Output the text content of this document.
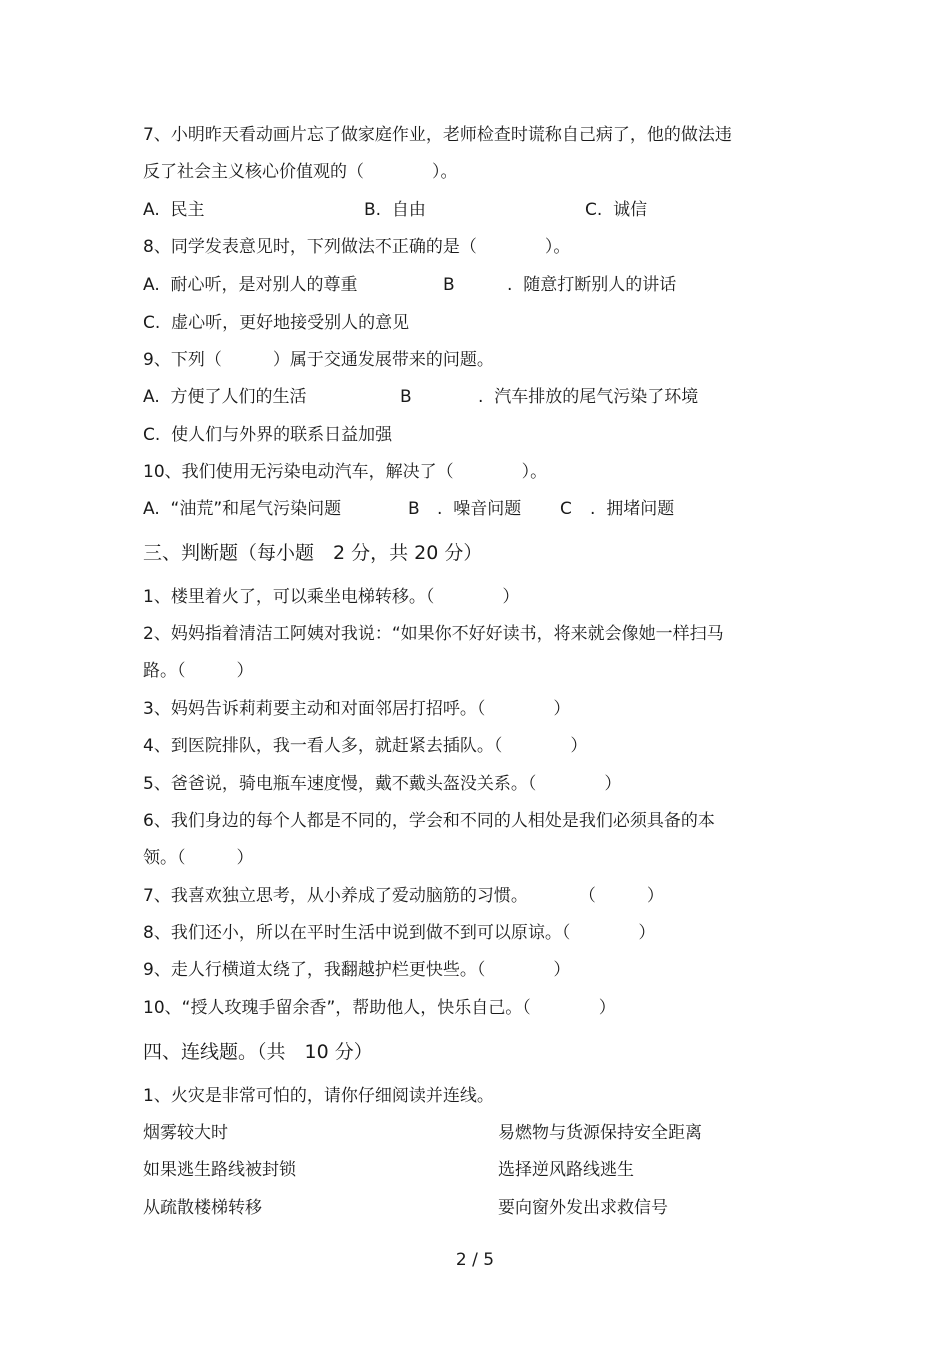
7、小明昨天看动画片忘了做家庭作业，老师检查时谎称自己病了，他的做法违
反了社会主义核心价值观的（　　　　）。
A.  民主	B.  自由	C.  诚信
8、同学发表意见时，下列做法不正确的是（　　　　）。
A.  耐心听，是对别人的尊重	B	.  随意打断别人的讲话
C.  虚心听，更好地接受别人的意见
9、下列（　　　）属于交通发展带来的问题。
A.  方便了人们的生活	B	.  汽车排放的尾气污染了环境
C.  使人们与外界的联系日益加强
10、我们使用无污染电动汽车，解决了（　　　　）。
A.  “油荒”和尾气污染问题	B .  噪音问题 C .  拥堵问题
三、判断题（每小题　2 分，共 20 分）
1、楼里着火了，可以乘坐电梯转移。（　　　　）
2、妈妈指着清洁工阿姨对我说：“如果你不好好读书，将来就会像她一样扫马
路。（　　　）
3、妈妈告诉莉莉要主动和对面邻居打招呼。（　　　　）
4、到医院排队，我一看人多，就赶紧去插队。（　　　　）
5、爸爸说，骑电瓶车速度慢，戴不戴头盔没关系。（　　　　）
6、我们身边的每个人都是不同的，学会和不同的人相处是我们必须具备的本
领。（　　　）
7、我喜欢独立思考，从小养成了爱动脑筋的习惯。　　　　（　　　）
8、我们还小，所以在平时生活中说到做不到可以原谅。（　　　　）
9、走人行横道太绕了，我翻越护栏更快些。（　　　　）
10、“授人玫瑰手留余香”，帮助他人，快乐自己。（　　　　）
四、连线题。（共　10 分）
1、火灾是非常可怕的，请你仔细阅读并连线。
烟雾较大时	易燃物与货源保持安全距离
如果逃生路线被封锁	选择逆风路线逃生
从疏散楼梯转移	要向窗外发出求救信号
2 / 5
